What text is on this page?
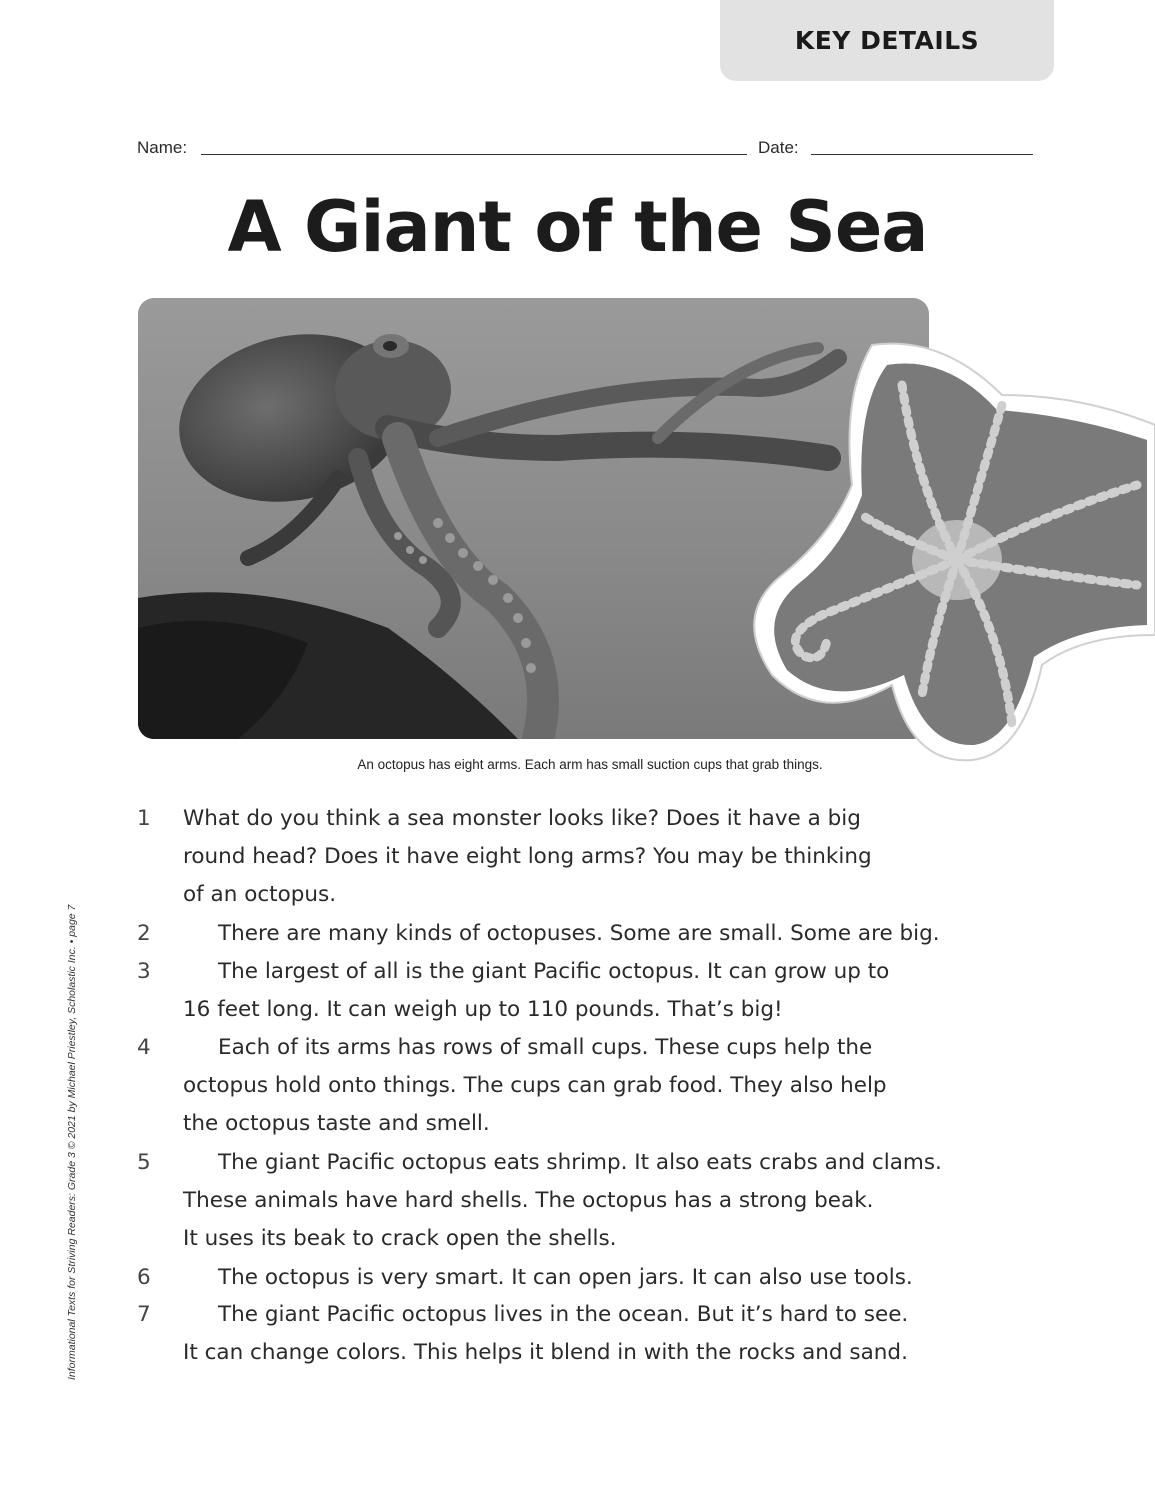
KEY DETAILS
Name:	Date:
A Giant of the Sea
An octopus has eight arms. Each arm has small suction cups that grab things.
Informational Texts for Striving Readers: Grade 3 © 2021 by Michael Priestley, Scholastic Inc. • page 7
1 What do you think a sea monster looks like? Does it have a big
round head? Does it have eight long arms? You may be thinking
of an octopus.
2	There are many kinds of octopuses. Some are small. Some are big.
3	The largest of all is the giant Pacific octopus. It can grow up to
16 feet long. It can weigh up to 110 pounds. That’s big!
4	Each of its arms has rows of small cups. These cups help the
octopus hold onto things. The cups can grab food. They also help
the octopus taste and smell.
5	The giant Pacific octopus eats shrimp. It also eats crabs and clams.
These animals have hard shells. The octopus has a strong beak.
It uses its beak to crack open the shells.
6	The octopus is very smart. It can open jars. It can also use tools.
7	The giant Pacific octopus lives in the ocean. But it’s hard to see.
It can change colors. This helps it blend in with the rocks and sand.
